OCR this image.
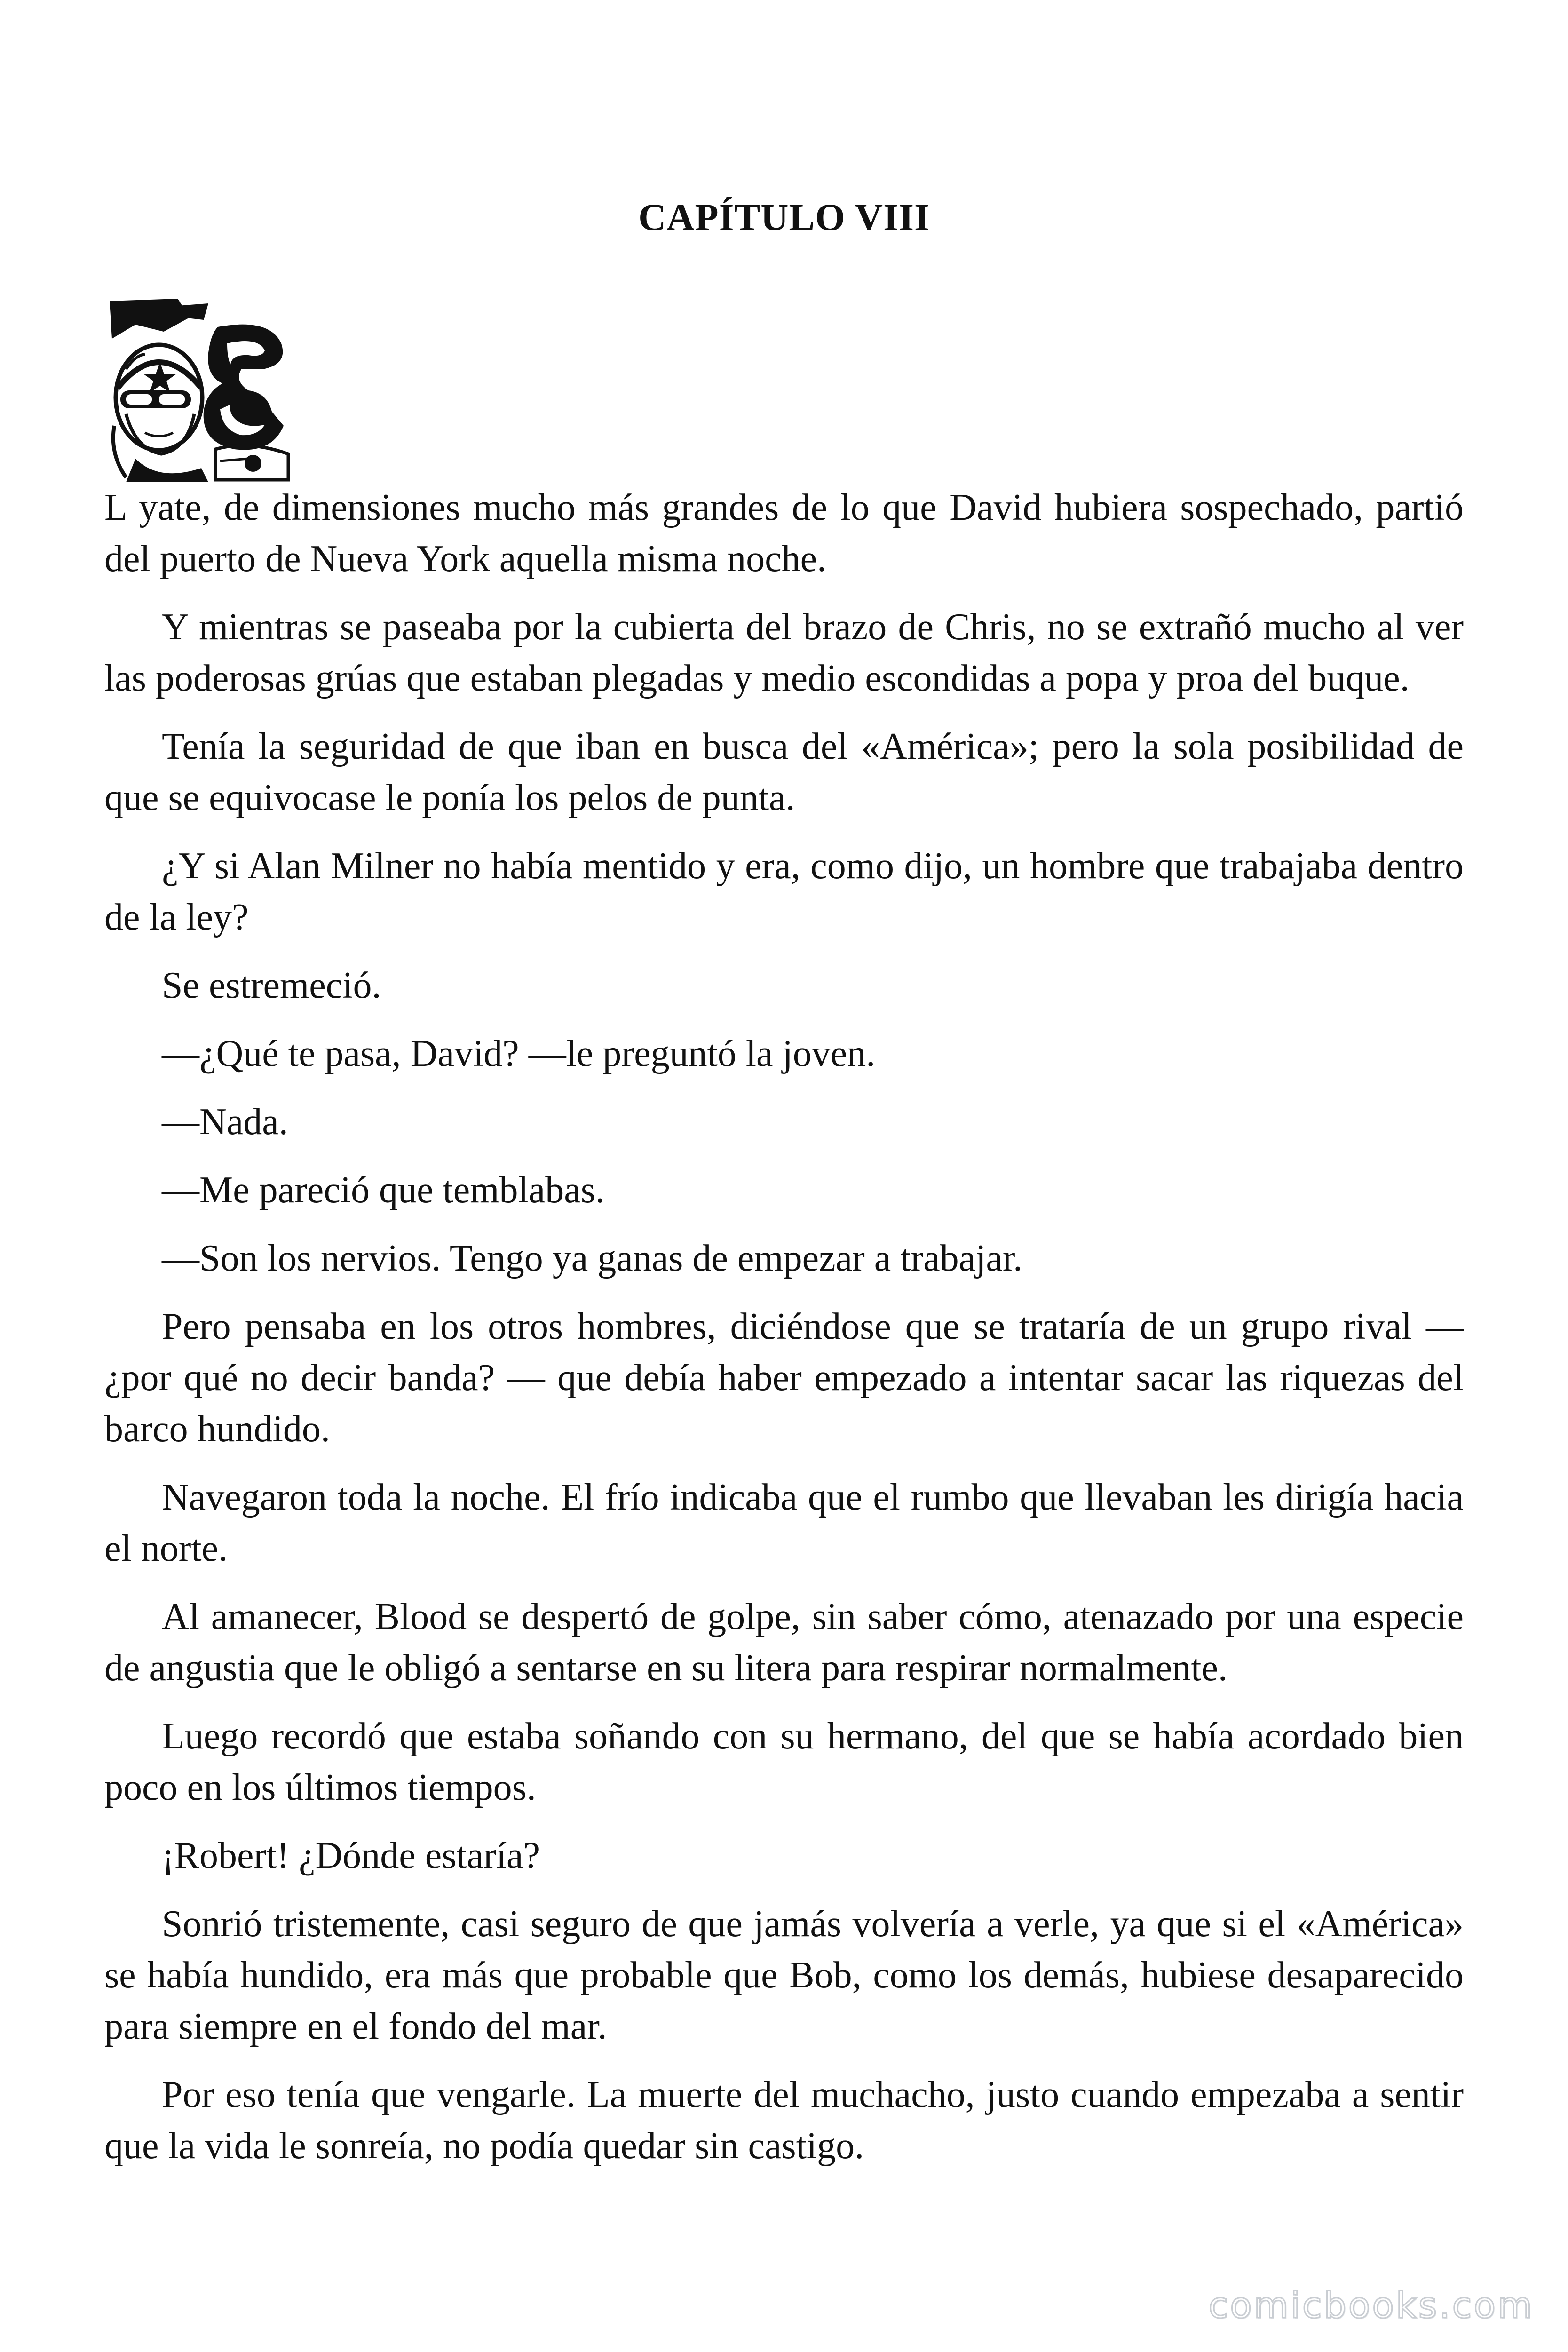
CAPÍTULO VIII

L yate, de dimensiones mucho más grandes de lo que David hubiera sospechado, partió del puerto de Nueva York aquella misma noche.

Y mientras se paseaba por la cubierta del brazo de Chris, no se extrañó mucho al ver las poderosas grúas que estaban plegadas y medio escondidas a popa y proa del buque.

Tenía la seguridad de que iban en busca del «América»; pero la sola posibilidad de que se equivocase le ponía los pelos de punta.

¿Y si Alan Milner no había mentido y era, como dijo, un hombre que trabajaba dentro de la ley?

Se estremeció.

—¿Qué te pasa, David? —le preguntó la joven.

—Nada.

—Me pareció que temblabas.

—Son los nervios. Tengo ya ganas de empezar a trabajar.

Pero pensaba en los otros hombres, diciéndose que se trataría de un grupo rival —¿por qué no decir banda? — que debía haber empezado a intentar sacar las riquezas del barco hundido.

Navegaron toda la noche. El frío indicaba que el rumbo que llevaban les dirigía hacia el norte.

Al amanecer, Blood se despertó de golpe, sin saber cómo, atenazado por una especie de angustia que le obligó a sentarse en su litera para respirar normalmente.

Luego recordó que estaba soñando con su hermano, del que se había acordado bien poco en los últimos tiempos.

¡Robert! ¿Dónde estaría?

Sonrió tristemente, casi seguro de que jamás volvería a verle, ya que si el «América» se había hundido, era más que probable que Bob, como los demás, hubiese desaparecido para siempre en el fondo del mar.

Por eso tenía que vengarle. La muerte del muchacho, justo cuando empezaba a sentir que la vida le sonreía, no podía quedar sin castigo.

comicbooks.com
